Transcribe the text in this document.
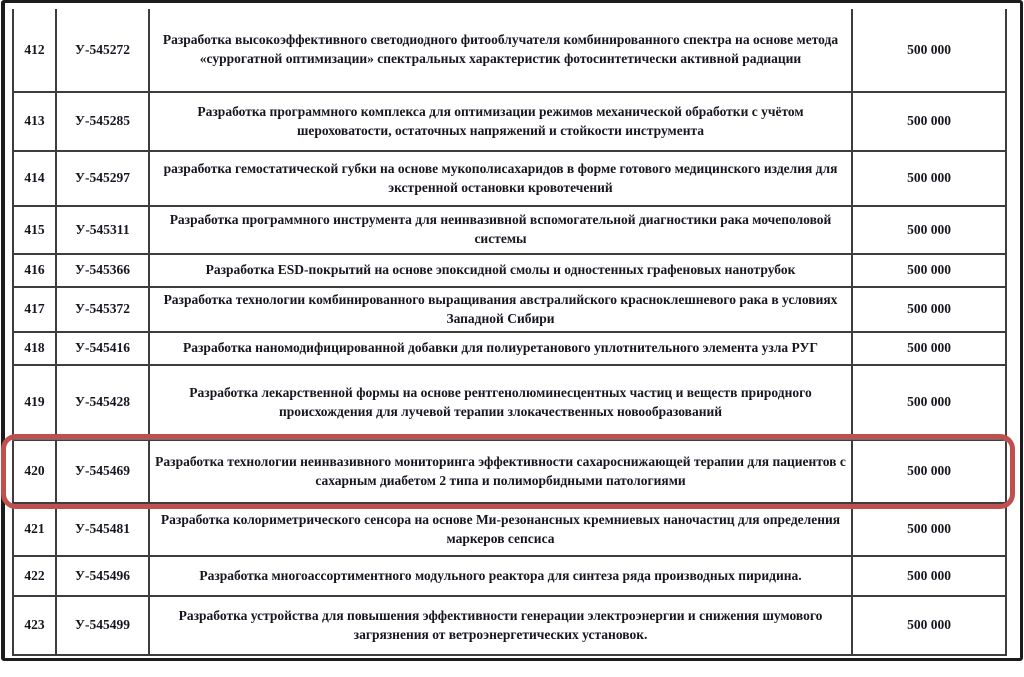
412	У-545272	Разработка высокоэффективного светодиодного фитооблучателя комбинированного спектра на основе метода «суррогатной оптимизации» спектральных характеристик фотосинтетически активной радиации	500 000
413	У-545285	Разработка программного комплекса для оптимизации режимов механической обработки с учётом шероховатости, остаточных напряжений и стойкости инструмента	500 000
414	У-545297	разработка гемостатической губки на основе мукополисахаридов в форме готового медицинского изделия для экстренной остановки кровотечений	500 000
415	У-545311	Разработка программного инструмента для неинвазивной вспомогательной диагностики рака мочеполовой системы	500 000
416	У-545366	Разработка ESD-покрытий на основе эпоксидной смолы и одностенных графеновых нанотрубок	500 000
417	У-545372	Разработка технологии комбинированного выращивания австралийского красноклешневого рака в условиях Западной Сибири	500 000
418	У-545416	Разработка наномодифицированной добавки для полиуретанового уплотнительного элемента узла РУГ	500 000
419	У-545428	Разработка лекарственной формы на основе рентгенолюминесцентных частиц и веществ природного происхождения для лучевой терапии злокачественных новообразований	500 000
420	У-545469	Разработка технологии неинвазивного мониторинга эффективности сахароснижающей терапии для пациентов с сахарным диабетом 2 типа и полиморбидными патологиями	500 000
421	У-545481	Разработка колориметрического сенсора на основе Ми-резонансных кремниевых наночастиц для определения маркеров сепсиса	500 000
422	У-545496	Разработка многоассортиментного модульного реактора для синтеза ряда производных пиридина.	500 000
423	У-545499	Разработка устройства для повышения эффективности генерации электроэнергии и снижения шумового загрязнения от ветроэнергетических установок.	500 000
